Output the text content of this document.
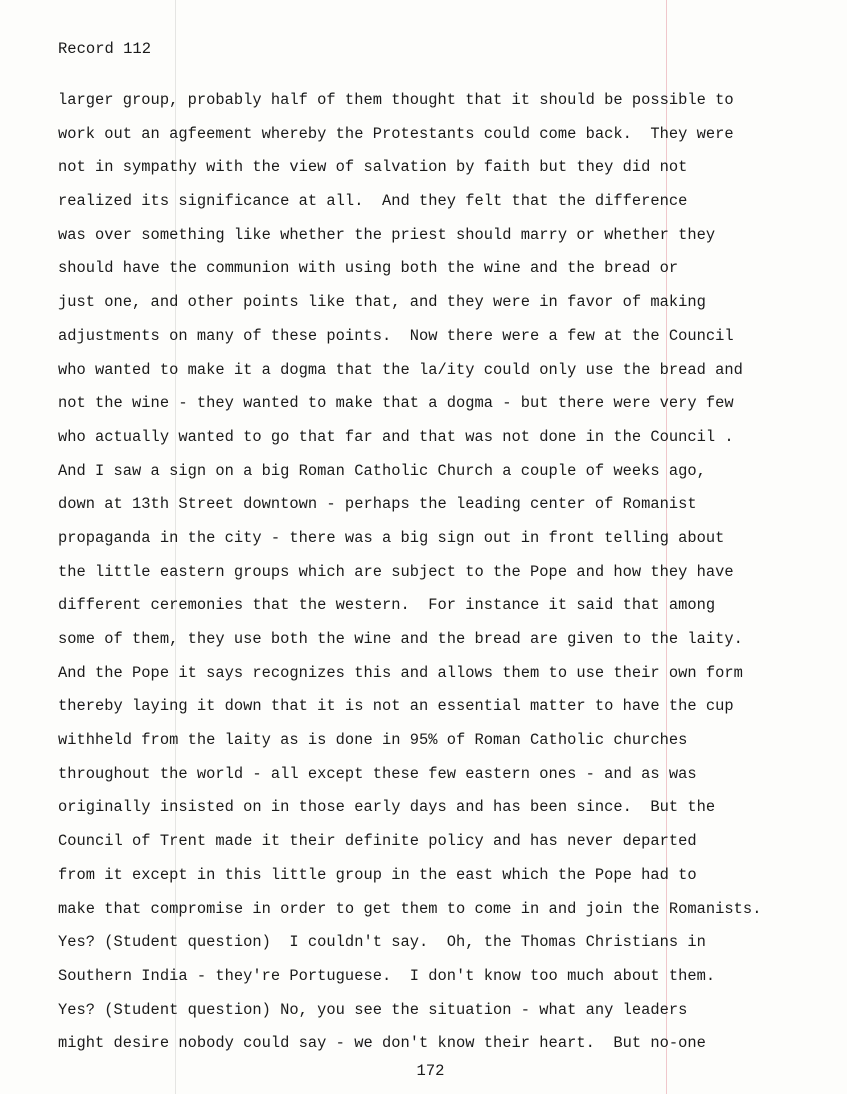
Record 112
larger group, probably half of them thought that it should be possible to
work out an agfeement whereby the Protestants could come back.  They were
not in sympathy with the view of salvation by faith but they did not
realized its significance at all.  And they felt that the difference
was over something like whether the priest should marry or whether they
should have the communion with using both the wine and the bread or
just one, and other points like that, and they were in favor of making
adjustments on many of these points.  Now there were a few at the Council
who wanted to make it a dogma that the la/ity could only use the bread and
not the wine - they wanted to make that a dogma - but there were very few
who actually wanted to go that far and that was not done in the Council .
And I saw a sign on a big Roman Catholic Church a couple of weeks ago,
down at 13th Street downtown - perhaps the leading center of Romanist
propaganda in the city - there was a big sign out in front telling about
the little eastern groups which are subject to the Pope and how they have
different ceremonies that the western.  For instance it said that among
some of them, they use both the wine and the bread are given to the laity.
And the Pope it says recognizes this and allows them to use their own form
thereby laying it down that it is not an essential matter to have the cup
withheld from the laity as is done in 95% of Roman Catholic churches
throughout the world - all except these few eastern ones - and as was
originally insisted on in those early days and has been since.  But the
Council of Trent made it their definite policy and has never departed
from it except in this little group in the east which the Pope had to
make that compromise in order to get them to come in and join the Romanists.
Yes? (Student question)  I couldn't say.  Oh, the Thomas Christians in
Southern India - they're Portuguese.  I don't know too much about them.
Yes? (Student question) No, you see the situation - what any leaders
might desire nobody could say - we don't know their heart.  But no-one
172
